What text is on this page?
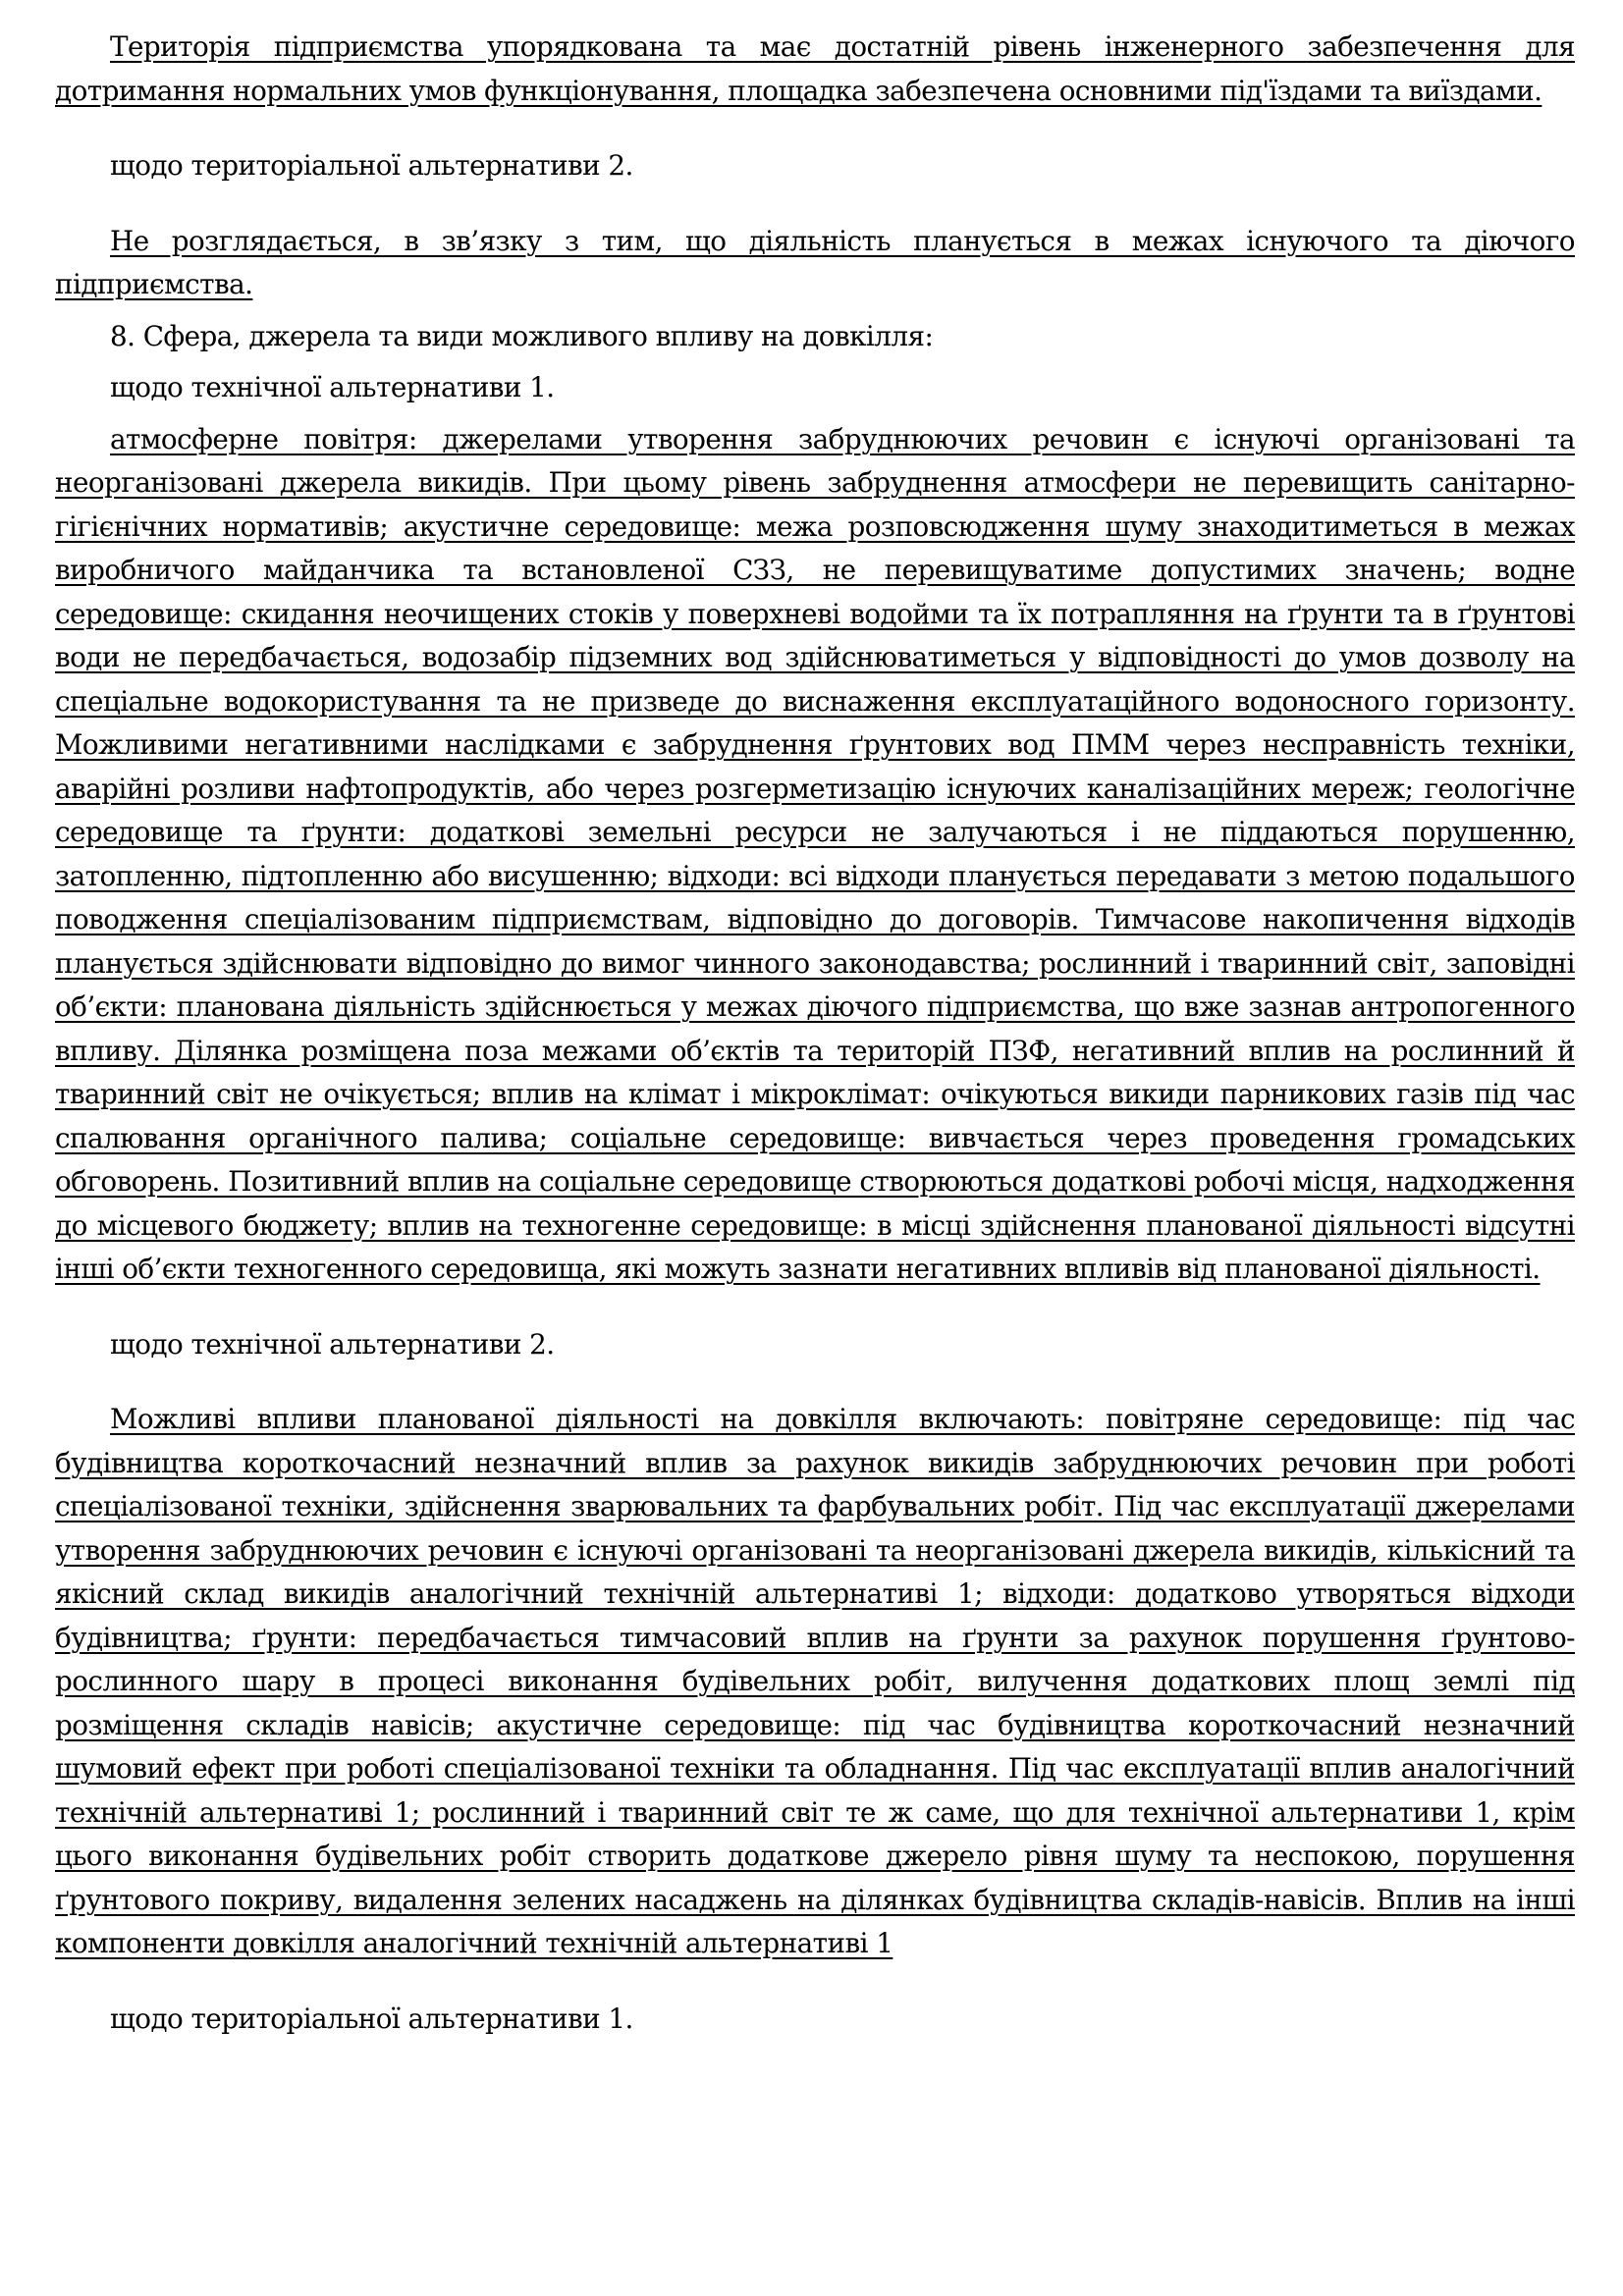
Територія підприємства упорядкована та має достатній рівень інженерного забезпечення для дотримання нормальних умов функціонування, площадка забезпечена основними під'їздами та виїздами.

щодо територіальної альтернативи 2.

Не розглядається, в зв’язку з тим, що діяльність планується в межах існуючого та діючого підприємства.

8. Сфера, джерела та види можливого впливу на довкілля:

щодо технічної альтернативи 1.

атмосферне повітря: джерелами утворення забруднюючих речовин є існуючі організовані та неорганізовані джерела викидів. При цьому рівень забруднення атмосфери не перевищить санітарно-гігієнічних нормативів; акустичне середовище: межа розповсюдження шуму знаходитиметься в межах виробничого майданчика та встановленої СЗЗ, не перевищуватиме допустимих значень; водне середовище: скидання неочищених стоків у поверхневі водойми та їх потрапляння на ґрунти та в ґрунтові води не передбачається, водозабір підземних вод здійснюватиметься у відповідності до умов дозволу на спеціальне водокористування та не призведе до виснаження експлуатаційного водоносного горизонту. Можливими негативними наслідками є забруднення ґрунтових вод ПММ через несправність техніки, аварійні розливи нафтопродуктів, або через розгерметизацію існуючих каналізаційних мереж; геологічне середовище та ґрунти: додаткові земельні ресурси не залучаються і не піддаються порушенню, затопленню, підтопленню або висушенню; відходи: всі відходи планується передавати з метою подальшого поводження спеціалізованим підприємствам, відповідно до договорів. Тимчасове накопичення відходів планується здійснювати відповідно до вимог чинного законодавства; рослинний і тваринний світ, заповідні об’єкти: планована діяльність здійснюється у межах діючого підприємства, що вже зазнав антропогенного впливу. Ділянка розміщена поза межами об’єктів та територій ПЗФ, негативний вплив на рослинний й тваринний світ не очікується; вплив на клімат і мікроклімат: очікуються викиди парникових газів під час спалювання органічного палива; соціальне середовище: вивчається через проведення громадських обговорень. Позитивний вплив на соціальне середовище створюються додаткові робочі місця, надходження до місцевого бюджету; вплив на техногенне середовище: в місці здійснення планованої діяльності відсутні інші об’єкти техногенного середовища, які можуть зазнати негативних впливів від планованої діяльності.

щодо технічної альтернативи 2.

Можливі впливи планованої діяльності на довкілля включають: повітряне середовище: під час будівництва короткочасний незначний вплив за рахунок викидів забруднюючих речовин при роботі спеціалізованої техніки, здійснення зварювальних та фарбувальних робіт. Під час експлуатації джерелами утворення забруднюючих речовин є існуючі організовані та неорганізовані джерела викидів, кількісний та якісний склад викидів аналогічний технічній альтернативі 1; відходи: додатково утворяться відходи будівництва; ґрунти: передбачається тимчасовий вплив на ґрунти за рахунок порушення ґрунтово-рослинного шару в процесі виконання будівельних робіт, вилучення додаткових площ землі під розміщення складів навісів; акустичне середовище: під час будівництва короткочасний незначний шумовий ефект при роботі спеціалізованої техніки та обладнання. Під час експлуатації вплив аналогічний технічній альтернативі 1; рослинний і тваринний світ те ж саме, що для технічної альтернативи 1, крім цього виконання будівельних робіт створить додаткове джерело рівня шуму та неспокою, порушення ґрунтового покриву, видалення зелених насаджень на ділянках будівництва складів-навісів. Вплив на інші компоненти довкілля аналогічний технічній альтернативі 1

щодо територіальної альтернативи 1.
